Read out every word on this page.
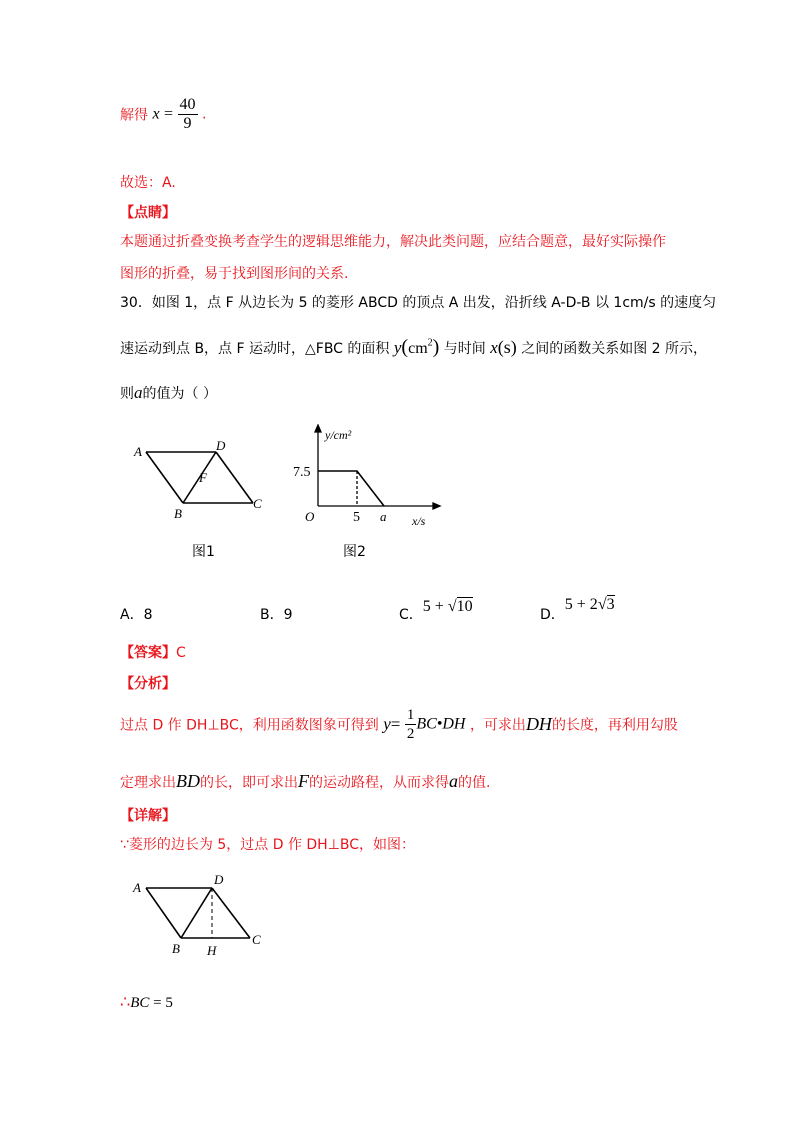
解得 $x = \frac{40}{9}$ .
故选：A.
【点睛】
本题通过折叠变换考查学生的逻辑思维能力，解决此类问题，应结合题意，最好实际操作
图形的折叠，易于找到图形间的关系.
30．如图 1，点 F 从边长为 5 的菱形 ABCD 的顶点 A 出发，沿折线 A-D-B 以 1cm/s 的速度匀
速运动到点 B，点 F 运动时，△FBC 的面积 $y(cm^2)$ 与时间 x(s) 之间的函数关系如图 2 所示，
则a的值为（ ）
A	D
F
B
C
图1
y/cm²
7.5
O	5 a x/s
图2
A．8	B．9	C．5 + √10	D．5 + 2√3
【答案】C
【分析】
过点 D 作 DH⊥BC，利用函数图象可得到 $y= \frac{1}{2}$ BC•DH ，可求出DH的长度，再利用勾股
定理求出BD的长，即可求出F的运动路程，从而求得a的值.
【详解】
∵菱形的边长为 5，过点 D 作 DH⊥BC，如图：
A
D
B H
C
∴BC = 5
